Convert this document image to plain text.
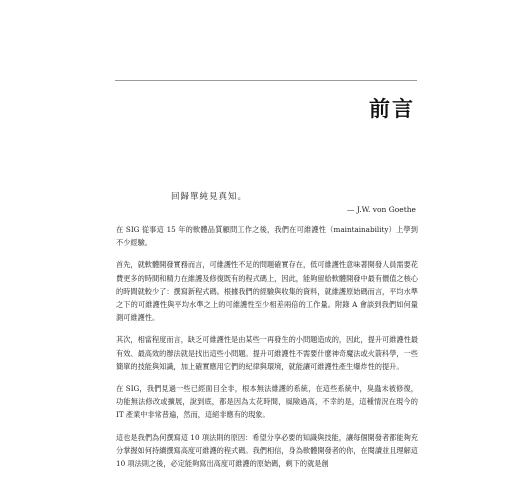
前言

回歸單純見真知。

— J.W. von Goethe

在 SIG 從事這 15 年的軟體品質顧問工作之後，我們在可維護性（maintainability）上學到不少經驗。

首先，就軟體開發實務而言，可維護性不足的問題確實存在，低可維護性意味著開發人員需要花費更多的時間和精力在維護及修復既有的程式碼上，因此，能夠留給軟體開發中最有價值之核心的時間就較少了：撰寫新程式碼。根據我們的經驗與收集的資料，就維護原始碼而言，平均水準之下的可維護性與平均水準之上的可維護性至少相差兩倍的工作量。附錄 A 會談到我們如何量測可維護性。

其次，相當程度而言，缺乏可維護性是由某些一再發生的小問題造成的，因此，提升可維護性最有效、最高效的辦法就是找出這些小問題。提升可維護性不需要什麼神奇魔法或火箭科學，一些簡單的技能與知識，加上確實應用它們的紀律與環境，就能讓可維護性產生爆炸性的提升。

在 SIG，我們見過一些已經面目全非，根本無法維護的系統，在這些系統中，臭蟲未被修復，功能無法修改或擴展，說到底，都是因為太花時間，風險過高，不幸的是，這種情況在現今的 IT 產業中非常普遍，然而，這絕非應有的現象。

這也是我們為何撰寫這 10 項法則的原因：希望分享必要的知識與技能，讓每個開發者都能夠充分掌握如何持續撰寫高度可維護的程式碼。我們相信，身為軟體開發者的你，在閱讀並且理解這 10 項法則之後，必定能夠寫出高度可維護的原始碼，剩下的就是創
